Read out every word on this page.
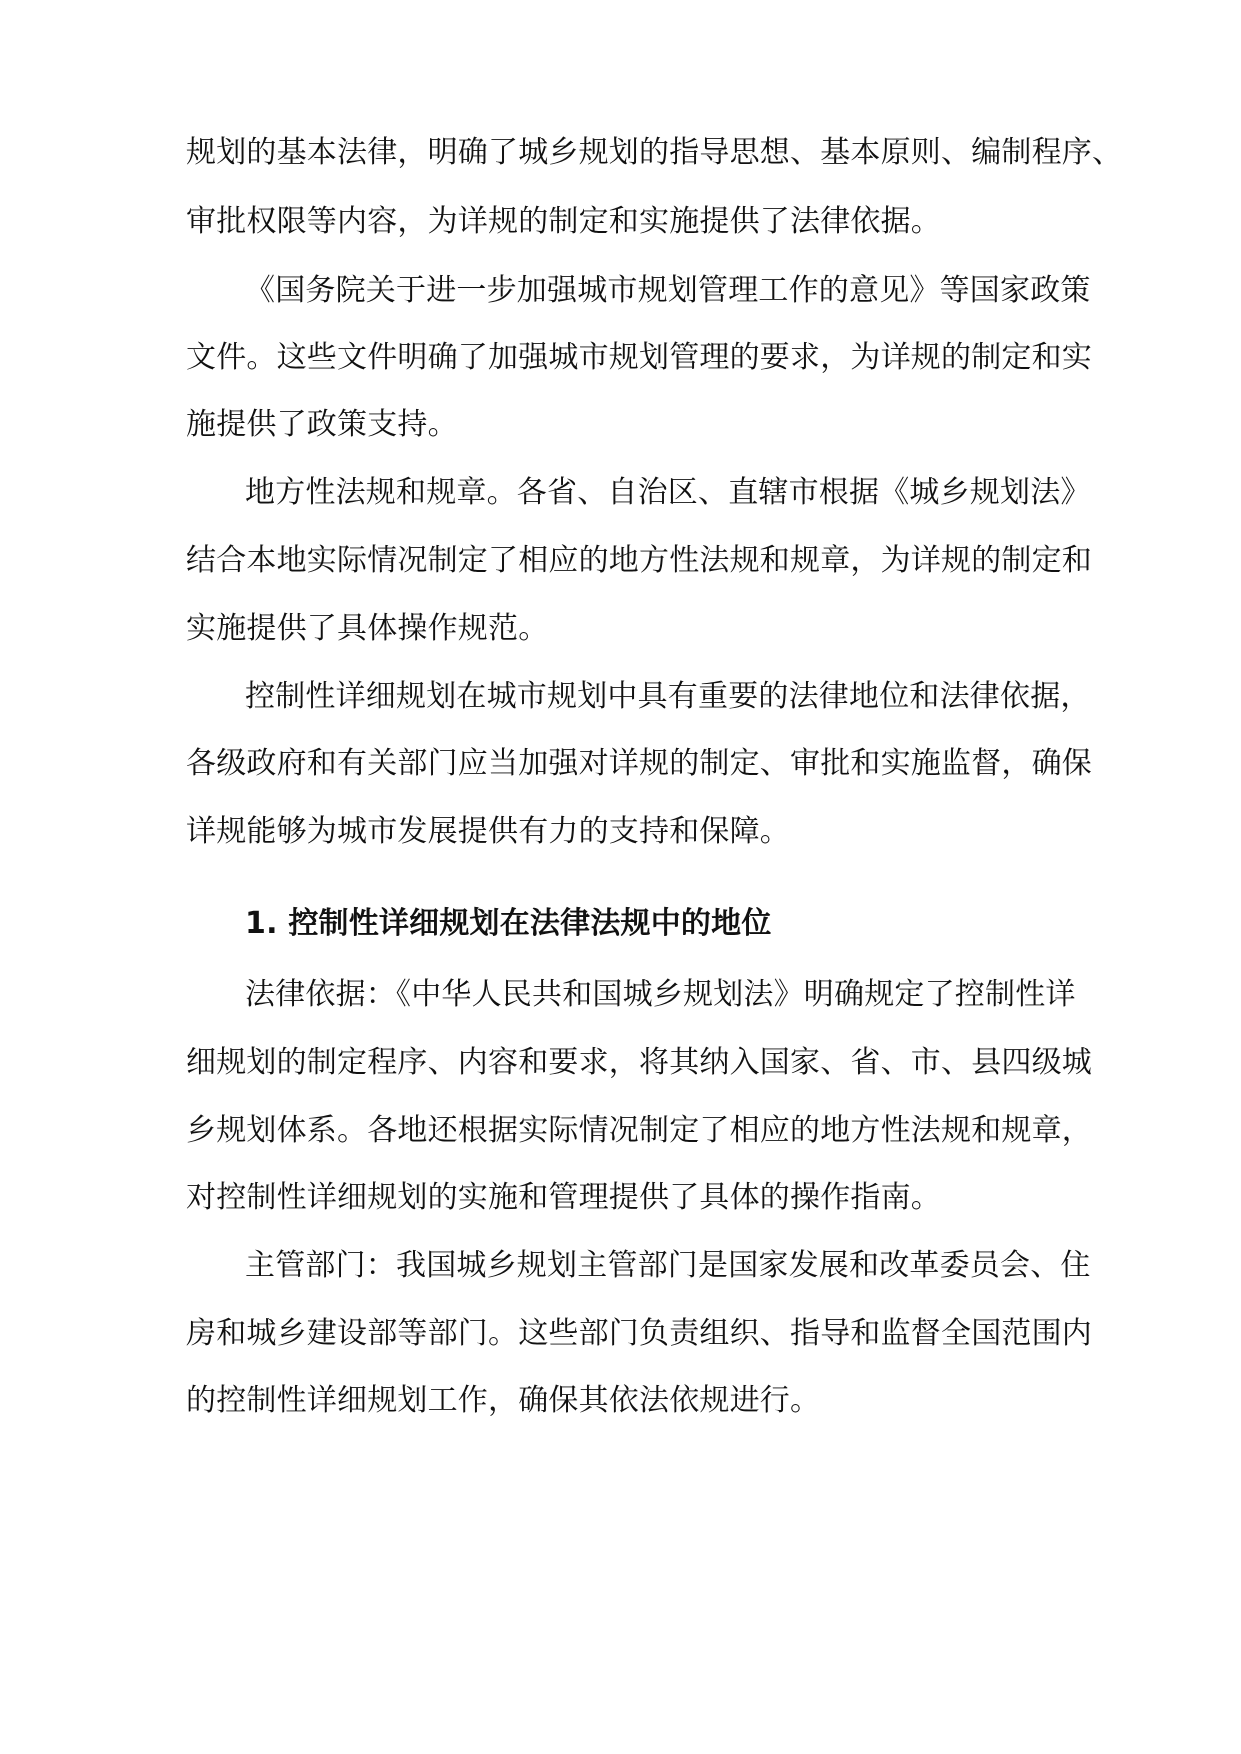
规划的基本法律，明确了城乡规划的指导思想、基本原则、编制程序、
审批权限等内容，为详规的制定和实施提供了法律依据。
《国务院关于进一步加强城市规划管理工作的意见》等国家政策
文件。这些文件明确了加强城市规划管理的要求，为详规的制定和实
施提供了政策支持。
地方性法规和规章。各省、自治区、直辖市根据《城乡规划法》
结合本地实际情况制定了相应的地方性法规和规章，为详规的制定和
实施提供了具体操作规范。
控制性详细规划在城市规划中具有重要的法律地位和法律依据，
各级政府和有关部门应当加强对详规的制定、审批和实施监督，确保
详规能够为城市发展提供有力的支持和保障。
1. 控制性详细规划在法律法规中的地位
法律依据：《中华人民共和国城乡规划法》明确规定了控制性详
细规划的制定程序、内容和要求，将其纳入国家、省、市、县四级城
乡规划体系。各地还根据实际情况制定了相应的地方性法规和规章，
对控制性详细规划的实施和管理提供了具体的操作指南。
主管部门：我国城乡规划主管部门是国家发展和改革委员会、住
房和城乡建设部等部门。这些部门负责组织、指导和监督全国范围内
的控制性详细规划工作，确保其依法依规进行。
